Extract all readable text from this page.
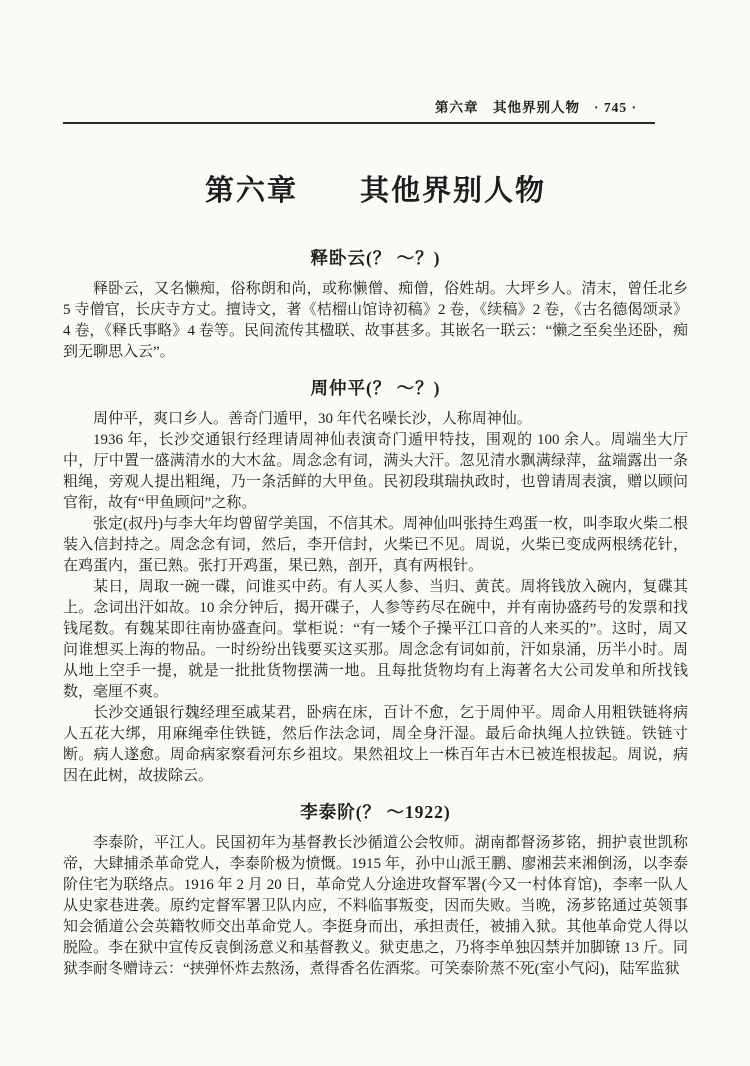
第六章　其他界别人物 · 745 ·
第六章　　其他界别人物
释卧云(？ ～？)

释卧云，又名懒痴，俗称朗和尚，或称懒僧、痴僧，俗姓胡。大坪乡人。清末，曾任北乡 5 寺僧官，长庆寺方丈。擅诗文，著《桔榴山馆诗初稿》2 卷，《续稿》2 卷，《古名德偈颂录》4 卷，《释氏事略》4 卷等。民间流传其楹联、故事甚多。其嵌名一联云：“懒之至矣坐还卧，痴到无聊思入云”。

周仲平(？ ～？)

周仲平，爽口乡人。善奇门遁甲，30 年代名噪长沙，人称周神仙。

1936 年，长沙交通银行经理请周神仙表演奇门遁甲特技，围观的 100 余人。周端坐大厅中，厅中置一盛满清水的大木盆。周念念有词，满头大汗。忽见清水飘满绿萍，盆端露出一条粗绳，旁观人提出粗绳，乃一条活鲜的大甲鱼。民初段琪瑞执政时，也曾请周表演，赠以顾问官衔，故有“甲鱼顾问”之称。

张定(叔丹)与李大年均曾留学美国，不信其术。周神仙叫张持生鸡蛋一枚，叫李取火柴二根装入信封持之。周念念有词，然后，李开信封，火柴已不见。周说，火柴已变成两根绣花针，在鸡蛋内，蛋已熟。张打开鸡蛋，果已熟，剖开，真有两根针。

某日，周取一碗一碟，问谁买中药。有人买人参、当归、黄芪。周将钱放入碗内，复碟其上。念词出汗如故。10 余分钟后，揭开碟子，人参等药尽在碗中，并有南协盛药号的发票和找钱尾数。有魏某即往南协盛查问。掌柜说：“有一矮个子操平江口音的人来买的”。这时，周又问谁想买上海的物品。一时纷纷出钱要买这买那。周念念有词如前，汗如泉涌，历半小时。周从地上空手一提，就是一批批货物摆满一地。且每批货物均有上海著名大公司发单和所找钱数，毫厘不爽。

长沙交通银行魏经理至戚某君，卧病在床，百计不愈，乞于周仲平。周命人用粗铁链将病人五花大绑，用麻绳牵住铁链，然后作法念词，周全身汗湿。最后命执绳人拉铁链。铁链寸断。病人遂愈。周命病家察看河东乡祖坟。果然祖坟上一株百年古木已被连根拔起。周说，病因在此树，故拔除云。

李泰阶(？ ～1922)

李泰阶，平江人。民国初年为基督教长沙循道公会牧师。湖南都督汤芗铭，拥护袁世凯称帝，大肆捕杀革命党人，李泰阶极为愤慨。1915 年，孙中山派王鹏、廖湘芸来湘倒汤，以李泰阶住宅为联络点。1916 年 2 月 20 日，革命党人分途进攻督军署(今又一村体育馆)，李率一队人从史家巷进袭。原约定督军署卫队内应，不料临事叛变，因而失败。当晚，汤芗铭通过英领事知会循道公会英籍牧师交出革命党人。李挺身而出，承担责任，被捕入狱。其他革命党人得以脱险。李在狱中宣传反袁倒汤意义和基督教义。狱吏患之，乃将李单独囚禁并加脚镣 13 斤。同狱李耐冬赠诗云：“挟弹怀炸去熬汤，煮得香名佐酒浆。可笑泰阶蒸不死(室小气闷)，陆军监狱
